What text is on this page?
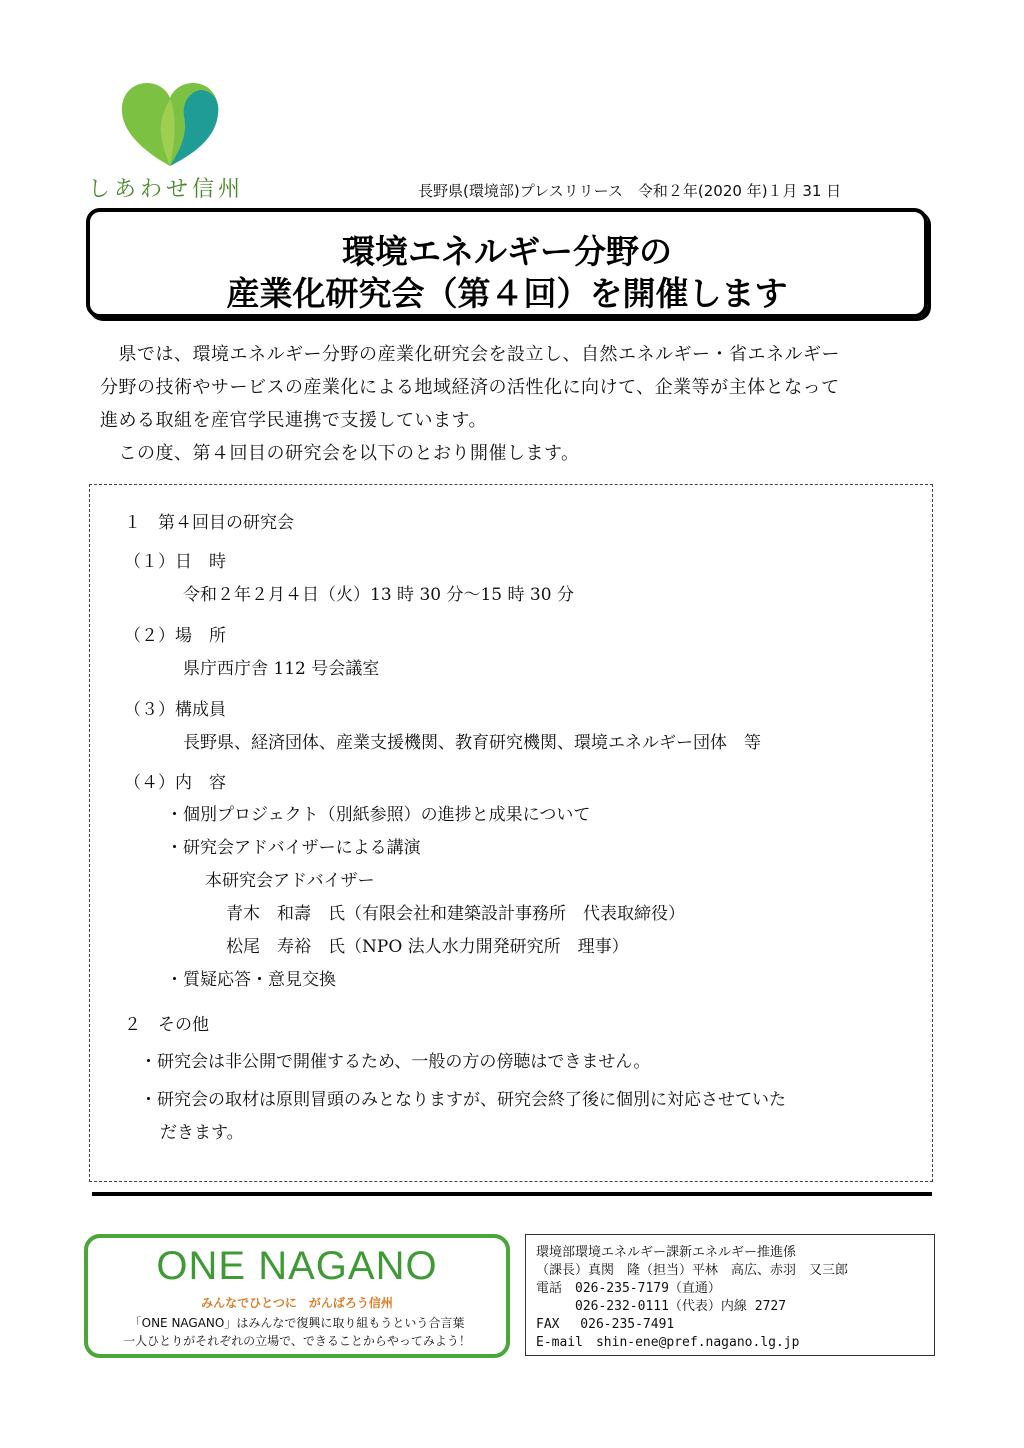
しあわせ信州	長野県(環境部)プレスリリース　令和２年(2020 年)１月 31 日
環境エネルギー分野の
産業化研究会（第４回）を開催します
　県では、環境エネルギー分野の産業化研究会を設立し、自然エネルギー・省エネルギー
分野の技術やサービスの産業化による地域経済の活性化に向けて、企業等が主体となって
進める取組を産官学民連携で支援しています。
　この度、第４回目の研究会を以下のとおり開催します。
１　第４回目の研究会
（１）日　時
令和２年２月４日（火）13 時 30 分～15 時 30 分
（２）場　所
県庁西庁舎 112 号会議室
（３）構成員
長野県、経済団体、産業支援機関、教育研究機関、環境エネルギー団体　等
（４）内　容
・個別プロジェクト（別紙参照）の進捗と成果について
・研究会アドバイザーによる講演
本研究会アドバイザー
青木　和壽　氏（有限会社和建築設計事務所　代表取締役）
松尾　寿裕　氏（NPO 法人水力開発研究所　理事）
・質疑応答・意見交換
２　その他
・研究会は非公開で開催するため、一般の方の傍聴はできません。
・研究会の取材は原則冒頭のみとなりますが、研究会終了後に個別に対応させていた
だきます。
ONE NAGANO
みんなでひとつに　がんばろう信州
「ONE NAGANO」はみんなで復興に取り組もうという合言葉
一人ひとりがそれぞれの立場で、できることからやってみよう！
環境部環境エネルギー課新エネルギー推進係
（課長）真関　隆（担当）平林　高広、赤羽　又三郎
電話　026-235-7179（直通）
　　　026-232-0111（代表）内線 2727
FAX　 026-235-7491
E-mail　shin-ene@pref.nagano.lg.jp
